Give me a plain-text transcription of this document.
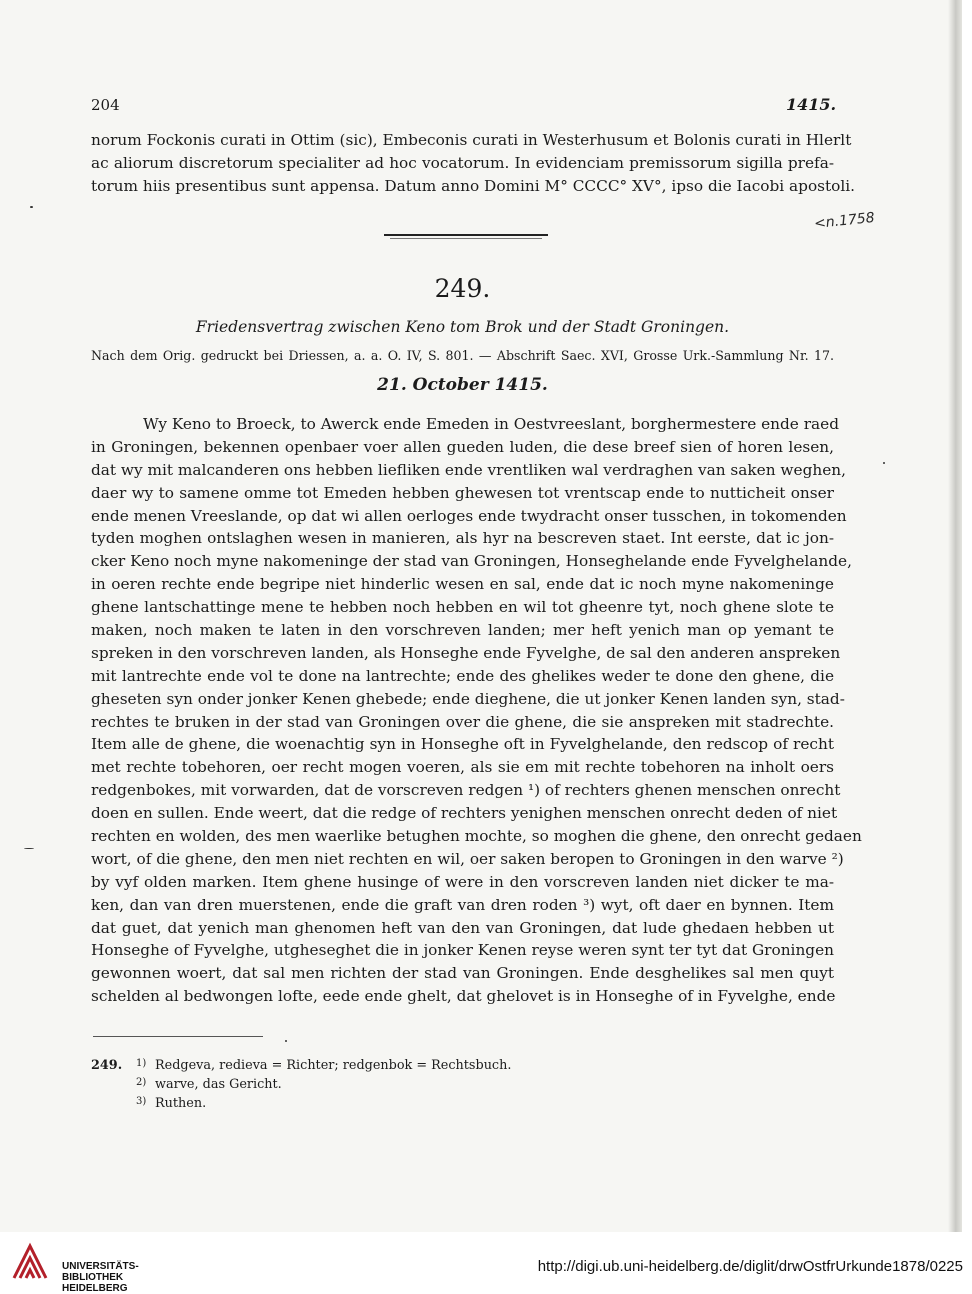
204	1415.
norum Fockonis curati in Ottim (sic), Embeconis curati in Westerhusum et Bolonis curati in Hlerlt
ac aliorum discretorum specialiter ad hoc vocatorum. In evidenciam premissorum sigilla prefa-
torum hiis presentibus sunt appensa. Datum anno Domini M° CCCC° XV°, ipso die Iacobi apostoli.
<n.1758
249.
Friedensvertrag zwischen Keno tom Brok und der Stadt Groningen.
Nach dem Orig. gedruckt bei Driessen, a. a. O. IV, S. 801. — Abschrift Saec. XVI, Grosse Urk.-Sammlung Nr. 17.
21. October 1415.
Wy Keno to Broeck, to Awerck ende Emeden in Oestvreeslant, borghermestere ende raed
in Groningen, bekennen openbaer voer allen gueden luden, die dese breef sien of horen lesen,
dat wy mit malcanderen ons hebben liefliken ende vrentliken wal verdraghen van saken weghen,
daer wy to samene omme tot Emeden hebben ghewesen tot vrentscap ende to nutticheit onser
ende menen Vreeslande, op dat wi allen oerloges ende twydracht onser tusschen, in tokomenden
tyden moghen ontslaghen wesen in manieren, als hyr na bescreven staet. Int eerste, dat ic jon-
cker Keno noch myne nakomeninge der stad van Groningen, Honseghelande ende Fyvelghelande,
in oeren rechte ende begripe niet hinderlic wesen en sal, ende dat ic noch myne nakomeninge
ghene lantschattinge mene te hebben noch hebben en wil tot gheenre tyt, noch ghene slote te
maken, noch maken te laten in den vorschreven landen; mer heft yenich man op yemant te
spreken in den vorschreven landen, als Honseghe ende Fyvelghe, de sal den anderen anspreken
mit lantrechte ende vol te done na lantrechte; ende des ghelikes weder te done den ghene, die
gheseten syn onder jonker Kenen ghebede; ende dieghene, die ut jonker Kenen landen syn, stad-
rechtes te bruken in der stad van Groningen over die ghene, die sie anspreken mit stadrechte.
Item alle de ghene, die woenachtig syn in Honseghe oft in Fyvelghelande, den redscop of recht
met rechte tobehoren, oer recht mogen voeren, als sie em mit rechte tobehoren na inholt oers
redgenbokes, mit vorwarden, dat de vorscreven redgen ¹) of rechters ghenen menschen onrecht
doen en sullen. Ende weert, dat die redge of rechters yenighen menschen onrecht deden of niet
rechten en wolden, des men waerlike betughen mochte, so moghen die ghene, den onrecht gedaen
wort, of die ghene, den men niet rechten en wil, oer saken beropen to Groningen in den warve ²)
by vyf olden marken. Item ghene husinge of were in den vorscreven landen niet dicker te ma-
ken, dan van dren muerstenen, ende die graft van dren roden ³) wyt, oft daer en bynnen. Item
dat guet, dat yenich man ghenomen heft van den van Groningen, dat lude ghedaen hebben ut
Honseghe of Fyvelghe, utgheseghet die in jonker Kenen reyse weren synt ter tyt dat Groningen
gewonnen woert, dat sal men richten der stad van Groningen. Ende desghelikes sal men quyt
schelden al bedwongen lofte, eede ende ghelt, dat ghelovet is in Honseghe of in Fyvelghe, ende
249. 1) Redgeva, redieva = Richter; redgenbok = Rechtsbuch.
2) warve, das Gericht.
3) Ruthen.
UNIVERSITÄTS-
BIBLIOTHEK
HEIDELBERG
http://digi.ub.uni-heidelberg.de/diglit/drwOstfrUrkunde1878/0225
